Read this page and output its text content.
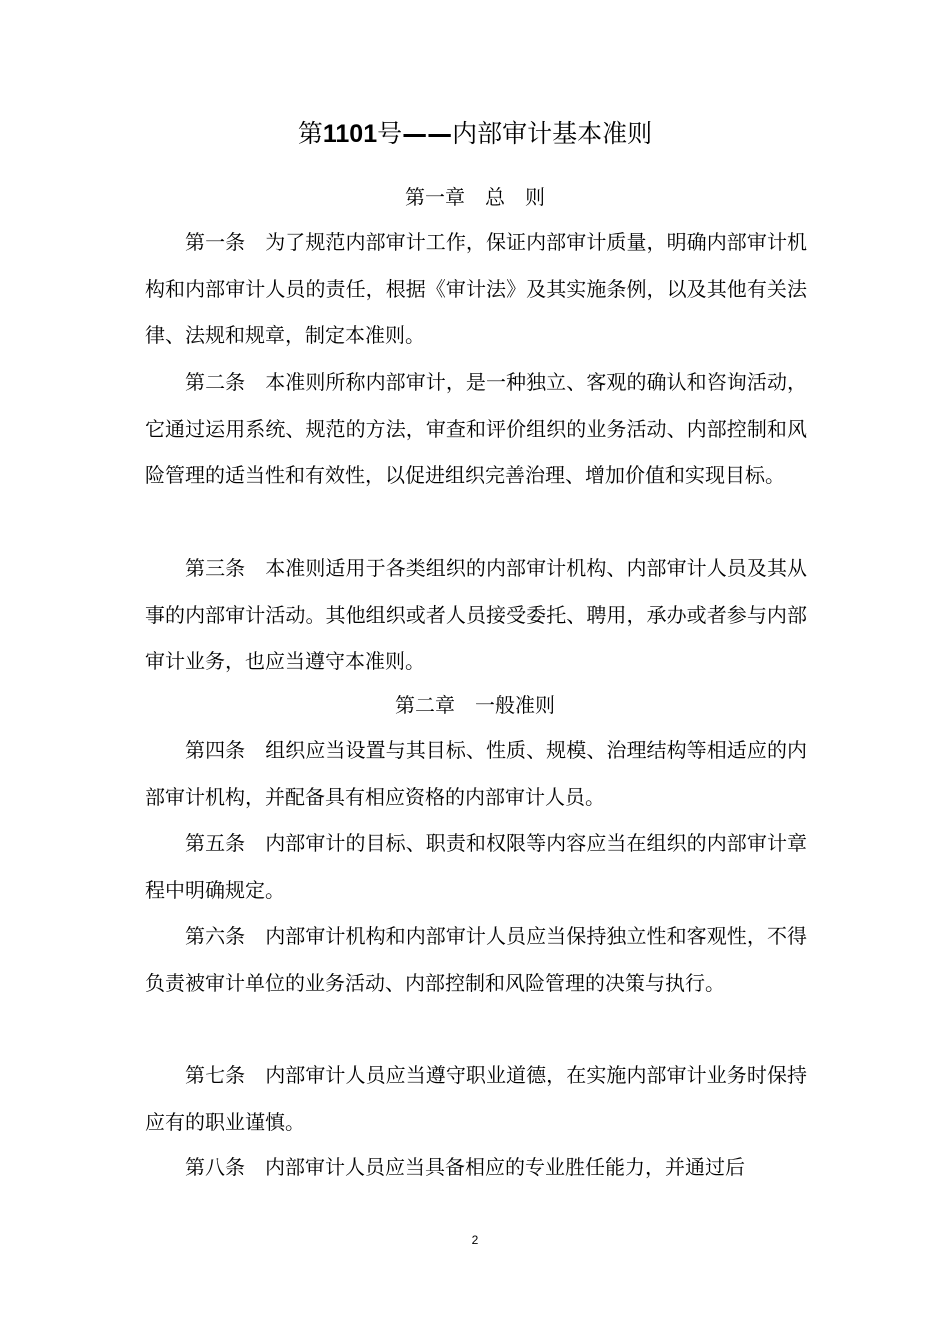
第1101号——内部审计基本准则
第一章　总　则

第一条 为了规范内部审计工作，保证内部审计质量，明确内部审计机构和内部审计人员的责任，根据《审计法》及其实施条例，以及其他有关法律、法规和规章，制定本准则。

第二条 本准则所称内部审计，是一种独立、客观的确认和咨询活动，它通过运用系统、规范的方法，审查和评价组织的业务活动、内部控制和风险管理的适当性和有效性，以促进组织完善治理、增加价值和实现目标。

第三条 本准则适用于各类组织的内部审计机构、内部审计人员及其从事的内部审计活动。其他组织或者人员接受委托、聘用，承办或者参与内部审计业务，也应当遵守本准则。

第二章　一般准则

第四条 组织应当设置与其目标、性质、规模、治理结构等相适应的内部审计机构，并配备具有相应资格的内部审计人员。

第五条 内部审计的目标、职责和权限等内容应当在组织的内部审计章程中明确规定。

第六条 内部审计机构和内部审计人员应当保持独立性和客观性，不得负责被审计单位的业务活动、内部控制和风险管理的决策与执行。

第七条 内部审计人员应当遵守职业道德，在实施内部审计业务时保持应有的职业谨慎。

第八条 内部审计人员应当具备相应的专业胜任能力，并通过后

2
